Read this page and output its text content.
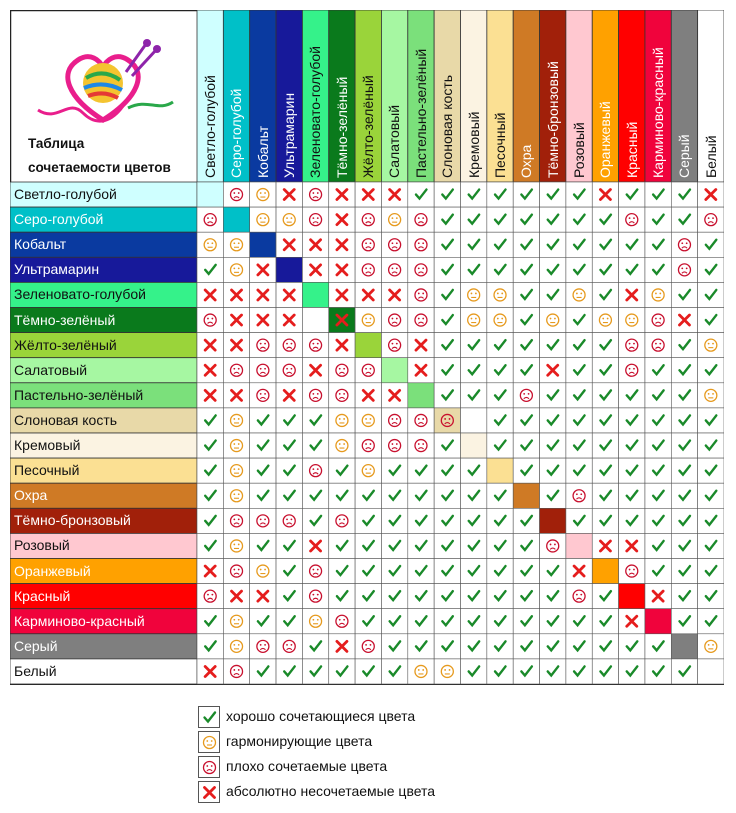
Таблица
сочетаемости цветов
Светло-голубой
Серо-голубой
Кобальт
Ультрамарин
Зеленовато-голубой
Тёмно-зелёный
Жёлто-зелёный
Салатовый
Пастельно-зелёный
Слоновая кость
Кремовый
Песочный
Охра
Тёмно-бронзовый
Розовый
Оранжевый
Красный
Карминово-красный
Серый
Белый
Светло-голубой Серо-голубой Кобальт Ультрамарин Зеленовато-голубой Тёмно-зелёный Жёлто-зелёный Салатовый Пастельно-зелёный Слоновая кость Кремовый Песочный Охра Тёмно-бронзовый Розовый Оранжевый Красный Карминово-красный Серый Белый
хорошо сочетающиеся цвета
гармонирующие цвета
плохо сочетаемые цвета
абсолютно несочетаемые цвета
